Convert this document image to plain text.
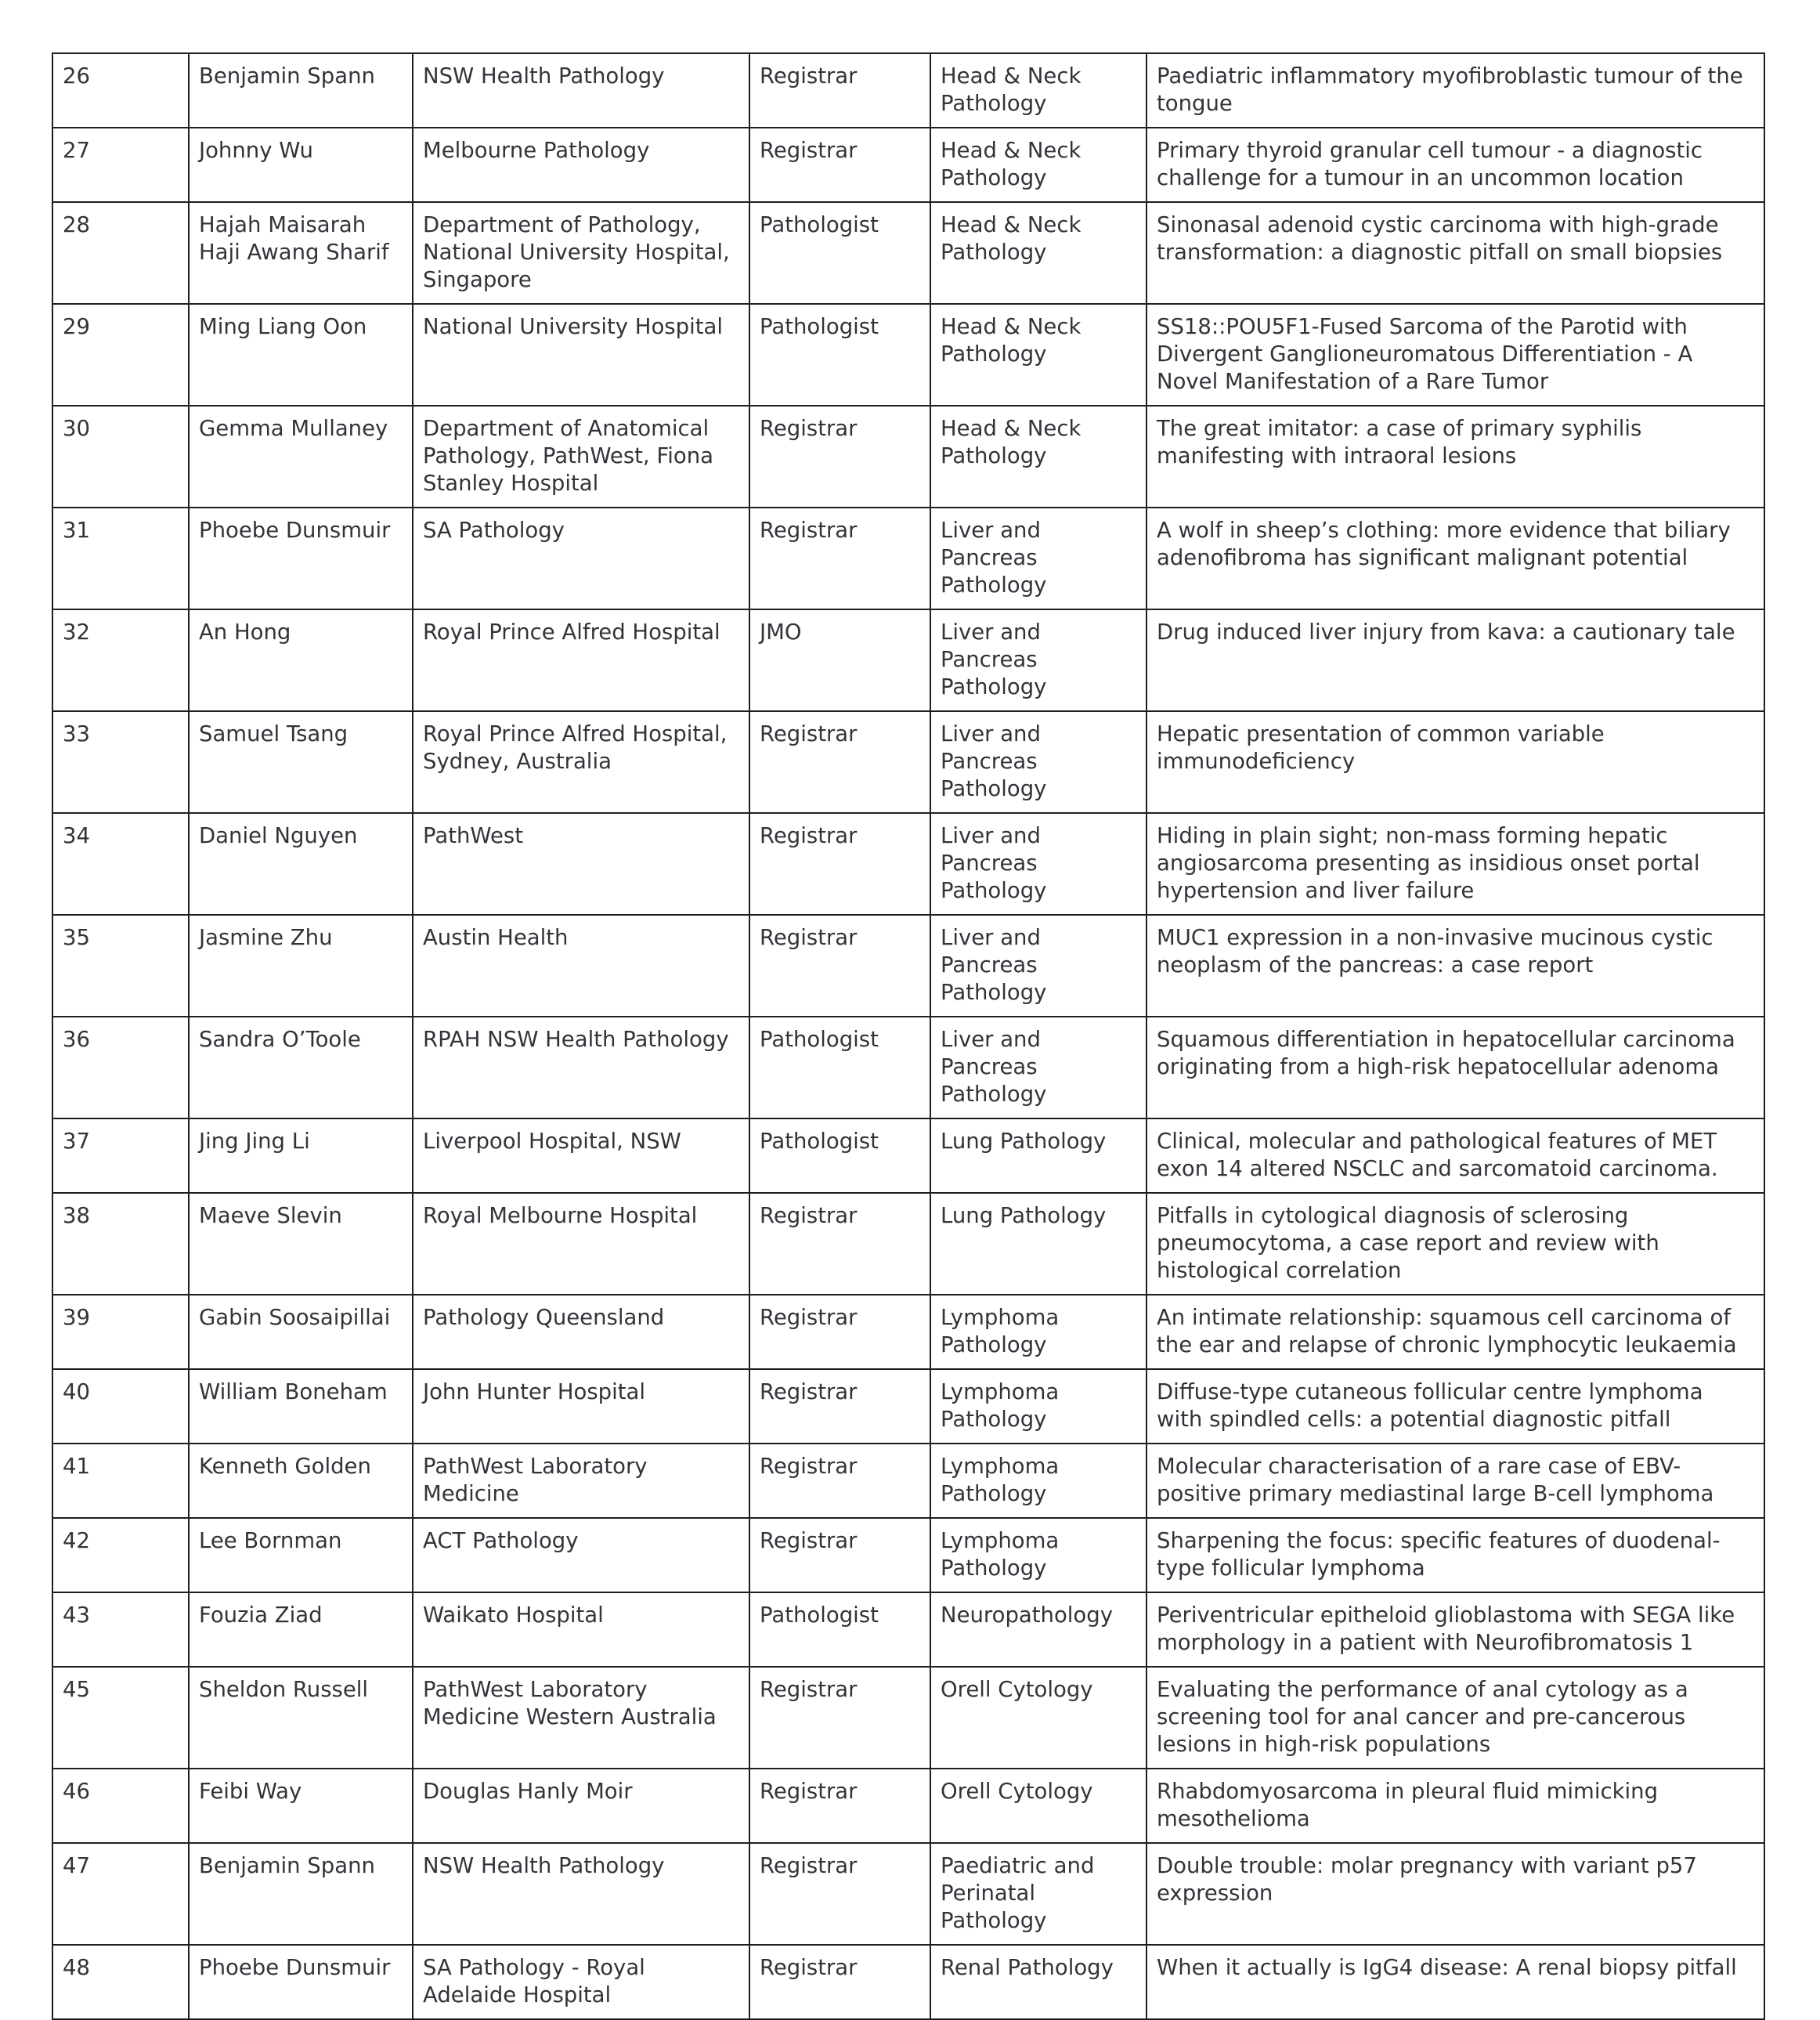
26	Benjamin Spann	NSW Health Pathology	Registrar	Head & Neck Pathology	Paediatric inflammatory myofibroblastic tumour of the tongue
27	Johnny Wu	Melbourne Pathology	Registrar	Head & Neck Pathology	Primary thyroid granular cell tumour - a diagnostic challenge for a tumour in an uncommon location
28	Hajah Maisarah Haji Awang Sharif	Department of Pathology, National University Hospital, Singapore	Pathologist	Head & Neck Pathology	Sinonasal adenoid cystic carcinoma with high-grade transformation: a diagnostic pitfall on small biopsies
29	Ming Liang Oon	National University Hospital	Pathologist	Head & Neck Pathology	SS18::POU5F1-Fused Sarcoma of the Parotid with Divergent Ganglioneuromatous Differentiation - A Novel Manifestation of a Rare Tumor
30	Gemma Mullaney	Department of Anatomical Pathology, PathWest, Fiona Stanley Hospital	Registrar	Head & Neck Pathology	The great imitator: a case of primary syphilis manifesting with intraoral lesions
31	Phoebe Dunsmuir	SA Pathology	Registrar	Liver and Pancreas Pathology	A wolf in sheep’s clothing: more evidence that biliary adenofibroma has significant malignant potential
32	An Hong	Royal Prince Alfred Hospital	JMO	Liver and Pancreas Pathology	Drug induced liver injury from kava: a cautionary tale
33	Samuel Tsang	Royal Prince Alfred Hospital, Sydney, Australia	Registrar	Liver and Pancreas Pathology	Hepatic presentation of common variable immunodeficiency
34	Daniel Nguyen	PathWest	Registrar	Liver and Pancreas Pathology	Hiding in plain sight; non-mass forming hepatic angiosarcoma presenting as insidious onset portal hypertension and liver failure
35	Jasmine Zhu	Austin Health	Registrar	Liver and Pancreas Pathology	MUC1 expression in a non-invasive mucinous cystic neoplasm of the pancreas: a case report
36	Sandra O’Toole	RPAH NSW Health Pathology	Pathologist	Liver and Pancreas Pathology	Squamous differentiation in hepatocellular carcinoma originating from a high-risk hepatocellular adenoma
37	Jing Jing Li	Liverpool Hospital, NSW	Pathologist	Lung Pathology	Clinical, molecular and pathological features of MET exon 14 altered NSCLC and sarcomatoid carcinoma.
38	Maeve Slevin	Royal Melbourne Hospital	Registrar	Lung Pathology	Pitfalls in cytological diagnosis of sclerosing pneumocytoma, a case report and review with histological correlation
39	Gabin Soosaipillai	Pathology Queensland	Registrar	Lymphoma Pathology	An intimate relationship: squamous cell carcinoma of the ear and relapse of chronic lymphocytic leukaemia
40	William Boneham	John Hunter Hospital	Registrar	Lymphoma Pathology	Diffuse-type cutaneous follicular centre lymphoma with spindled cells: a potential diagnostic pitfall
41	Kenneth Golden	PathWest Laboratory Medicine	Registrar	Lymphoma Pathology	Molecular characterisation of a rare case of EBV-positive primary mediastinal large B-cell lymphoma
42	Lee Bornman	ACT Pathology	Registrar	Lymphoma Pathology	Sharpening the focus: specific features of duodenal-type follicular lymphoma
43	Fouzia Ziad	Waikato Hospital	Pathologist	Neuropathology	Periventricular epitheloid glioblastoma with SEGA like morphology in a patient with Neurofibromatosis 1
45	Sheldon Russell	PathWest Laboratory Medicine Western Australia	Registrar	Orell Cytology	Evaluating the performance of anal cytology as a screening tool for anal cancer and pre-cancerous lesions in high-risk populations
46	Feibi Way	Douglas Hanly Moir	Registrar	Orell Cytology	Rhabdomyosarcoma in pleural fluid mimicking mesothelioma
47	Benjamin Spann	NSW Health Pathology	Registrar	Paediatric and Perinatal Pathology	Double trouble: molar pregnancy with variant p57 expression
48	Phoebe Dunsmuir	SA Pathology - Royal Adelaide Hospital	Registrar	Renal Pathology	When it actually is IgG4 disease: A renal biopsy pitfall
